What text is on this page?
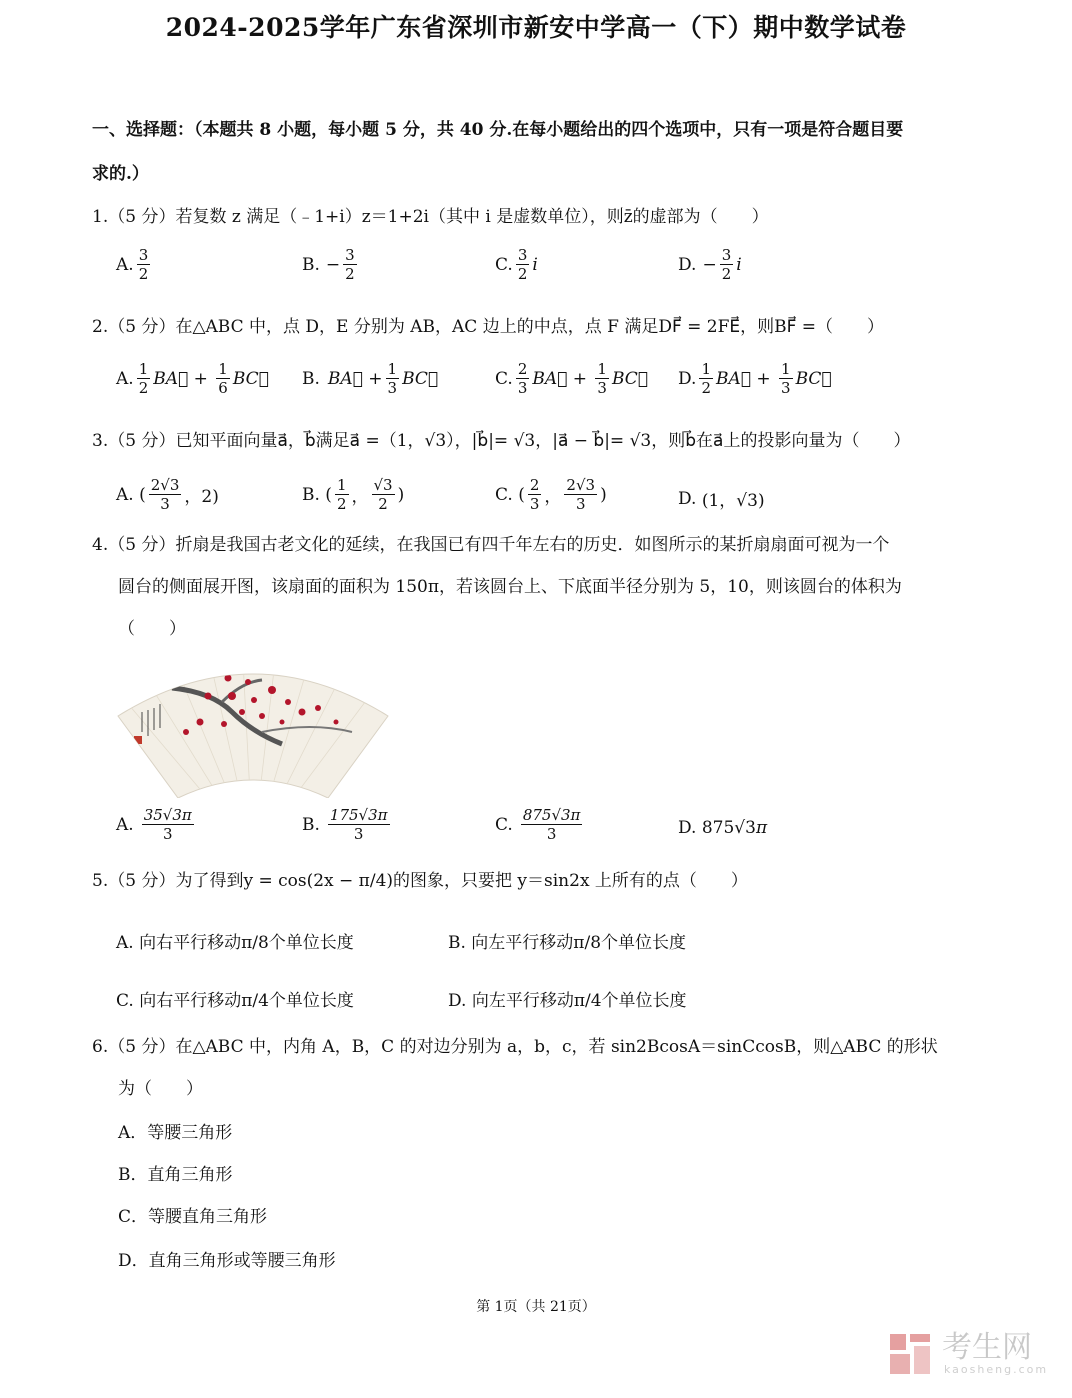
2024-2025学年广东省深圳市新安中学高一（下）期中数学试卷
一、选择题：（本题共 8 小题，每小题 5 分，共 40 分.在每小题给出的四个选项中，只有一项是符合题目要
求的.）
1.（5 分）若复数 z 满足（﹣1+i）z＝1+2i（其中 i 是虚数单位），则z̄的虚部为（　　）
A. $\frac{3}{2}$	B. − $\frac{3}{2}$	C. $\frac{3}{2}$ i	D. − $\frac{3}{2}$ i
2.（5 分）在△ABC 中，点 D，E 分别为 AB，AC 边上的中点，点 F 满足DF⃗ = 2FE⃗，则BF⃗ =（　　）
A. $\frac{1}{2}$ BA⃗ + $\frac{1}{6}$ BC⃗ B. BA⃗ + $\frac{1}{3}$ BC⃗	C. $\frac{2}{3}$ BA⃗ + $\frac{1}{3}$ BC⃗ D. $\frac{1}{2}$ BA⃗ + $\frac{1}{3}$ BC⃗
3.（5 分）已知平面向量a⃗，b⃗满足a⃗ =（1，√3），|b⃗|= √3，|a⃗ − b⃗|= √3，则b⃗在a⃗上的投影向量为（　　）
A. ( $\frac{2√3}{3}$ ，2)	B. ( $\frac{1}{2}$ ， $\frac{√3}{2}$ )	C. ( $\frac{2}{3}$ ， $\frac{2√3}{3}$ )	D. (1，√3)
4.（5 分）折扇是我国古老文化的延续，在我国已有四千年左右的历史．如图所示的某折扇扇面可视为一个
圆台的侧面展开图，该扇面的面积为 150π，若该圆台上、下底面半径分别为 5，10，则该圆台的体积为
（　　）
A. $\frac{35√3\pi}{3}$	B. $\frac{175√3\pi}{3}$	C. $\frac{875√3\pi}{3}$	D. 875√3 π
5.（5 分）为了得到y = cos(2x − π/4)的图象，只要把 y＝sin2x 上所有的点（　　）
A. 向右平行移动π/8个单位长度	B. 向左平行移动π/8个单位长度
C. 向右平行移动π/4个单位长度	D. 向左平行移动π/4个单位长度
6.（5 分）在△ABC 中，内角 A，B，C 的对边分别为 a，b，c，若 sin2BcosA＝sinCcosB，则△ABC 的形状
为（　　）
A．等腰三角形
B．直角三角形
C．等腰直角三角形
D．直角三角形或等腰三角形
第 1页（共 21页）
考生网
kaosheng.com
